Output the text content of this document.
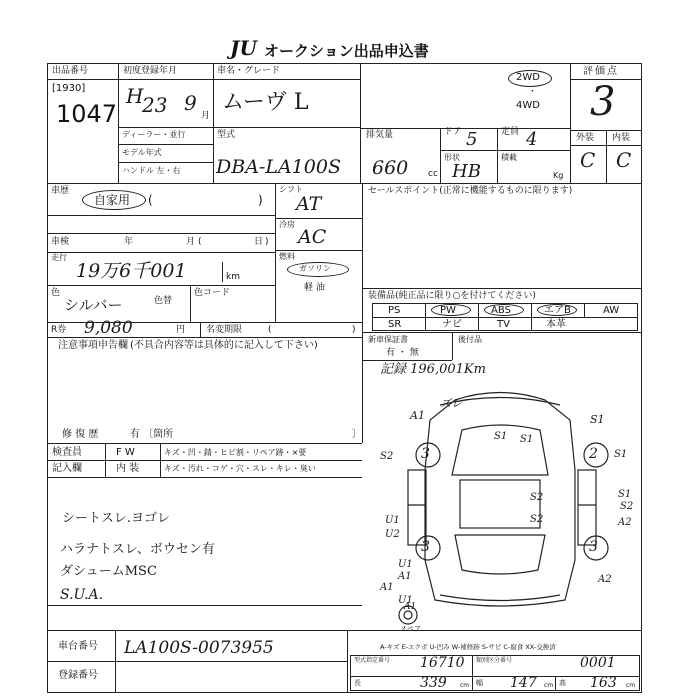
JU オークション出品申込書
出品番号
[1930]
1047
初度登録年月
H
23 9
月
車名・グレード
ムーヴ L
2WD
・
4WD
評価点
3
外装 内装
C C
ディーラー・並行
モデル年式
ハンドル 左・右
型式
DBA-LA100S
排気量
660 cc
ドア 5	定員 4
形状
HB
積載
Kg
車歴
自家用 (	)
車検	年	月 (	日 )
走行
19万6千001	km
色
シルバー	色替
色コード
R券 9,080	円 名変期限	(	)
注意事項申告欄 (不具合内容等は具体的に記入して下さい)
修 復 歴	有 〔箇所	〕
シフト
AT
冷房
AC
燃料
ガソリン
軽 油
セールスポイント(正常に機能するものに限ります)
装備品(純正品に限り○を付けてください)
PS	PW	ABS	エアB	AW
SR	ナビ	TV	本革
新車保証書
有 ・ 無
後付品
記録 196,001Km
検査員
記入欄
F W
内 装
キズ・凹・錆・ヒビ割・リペア跡・×要
キズ・汚れ・コゲ・穴・スレ・キレ・臭い
シートスレ.ヨゴレ
ハラナトスレ、ボウセン有
ダシュームMSC
S.U.A.
A1
ズレ
S1
S1
S1
S2
S1
A1
S2
S2
S2
U1
U2
A2
U1
A1	A2
U1
A1
3
3	3
2
S1
スペア
車台番号 LA100S-0073955
登録番号
A-キズ E-エクボ U-凹み W-補修跡 S-サビ C-腐食 XX-交換済
型式指定番号 16710 類別区分番号	0001
長	339 cm 幅 147 cm 高 163 cm
